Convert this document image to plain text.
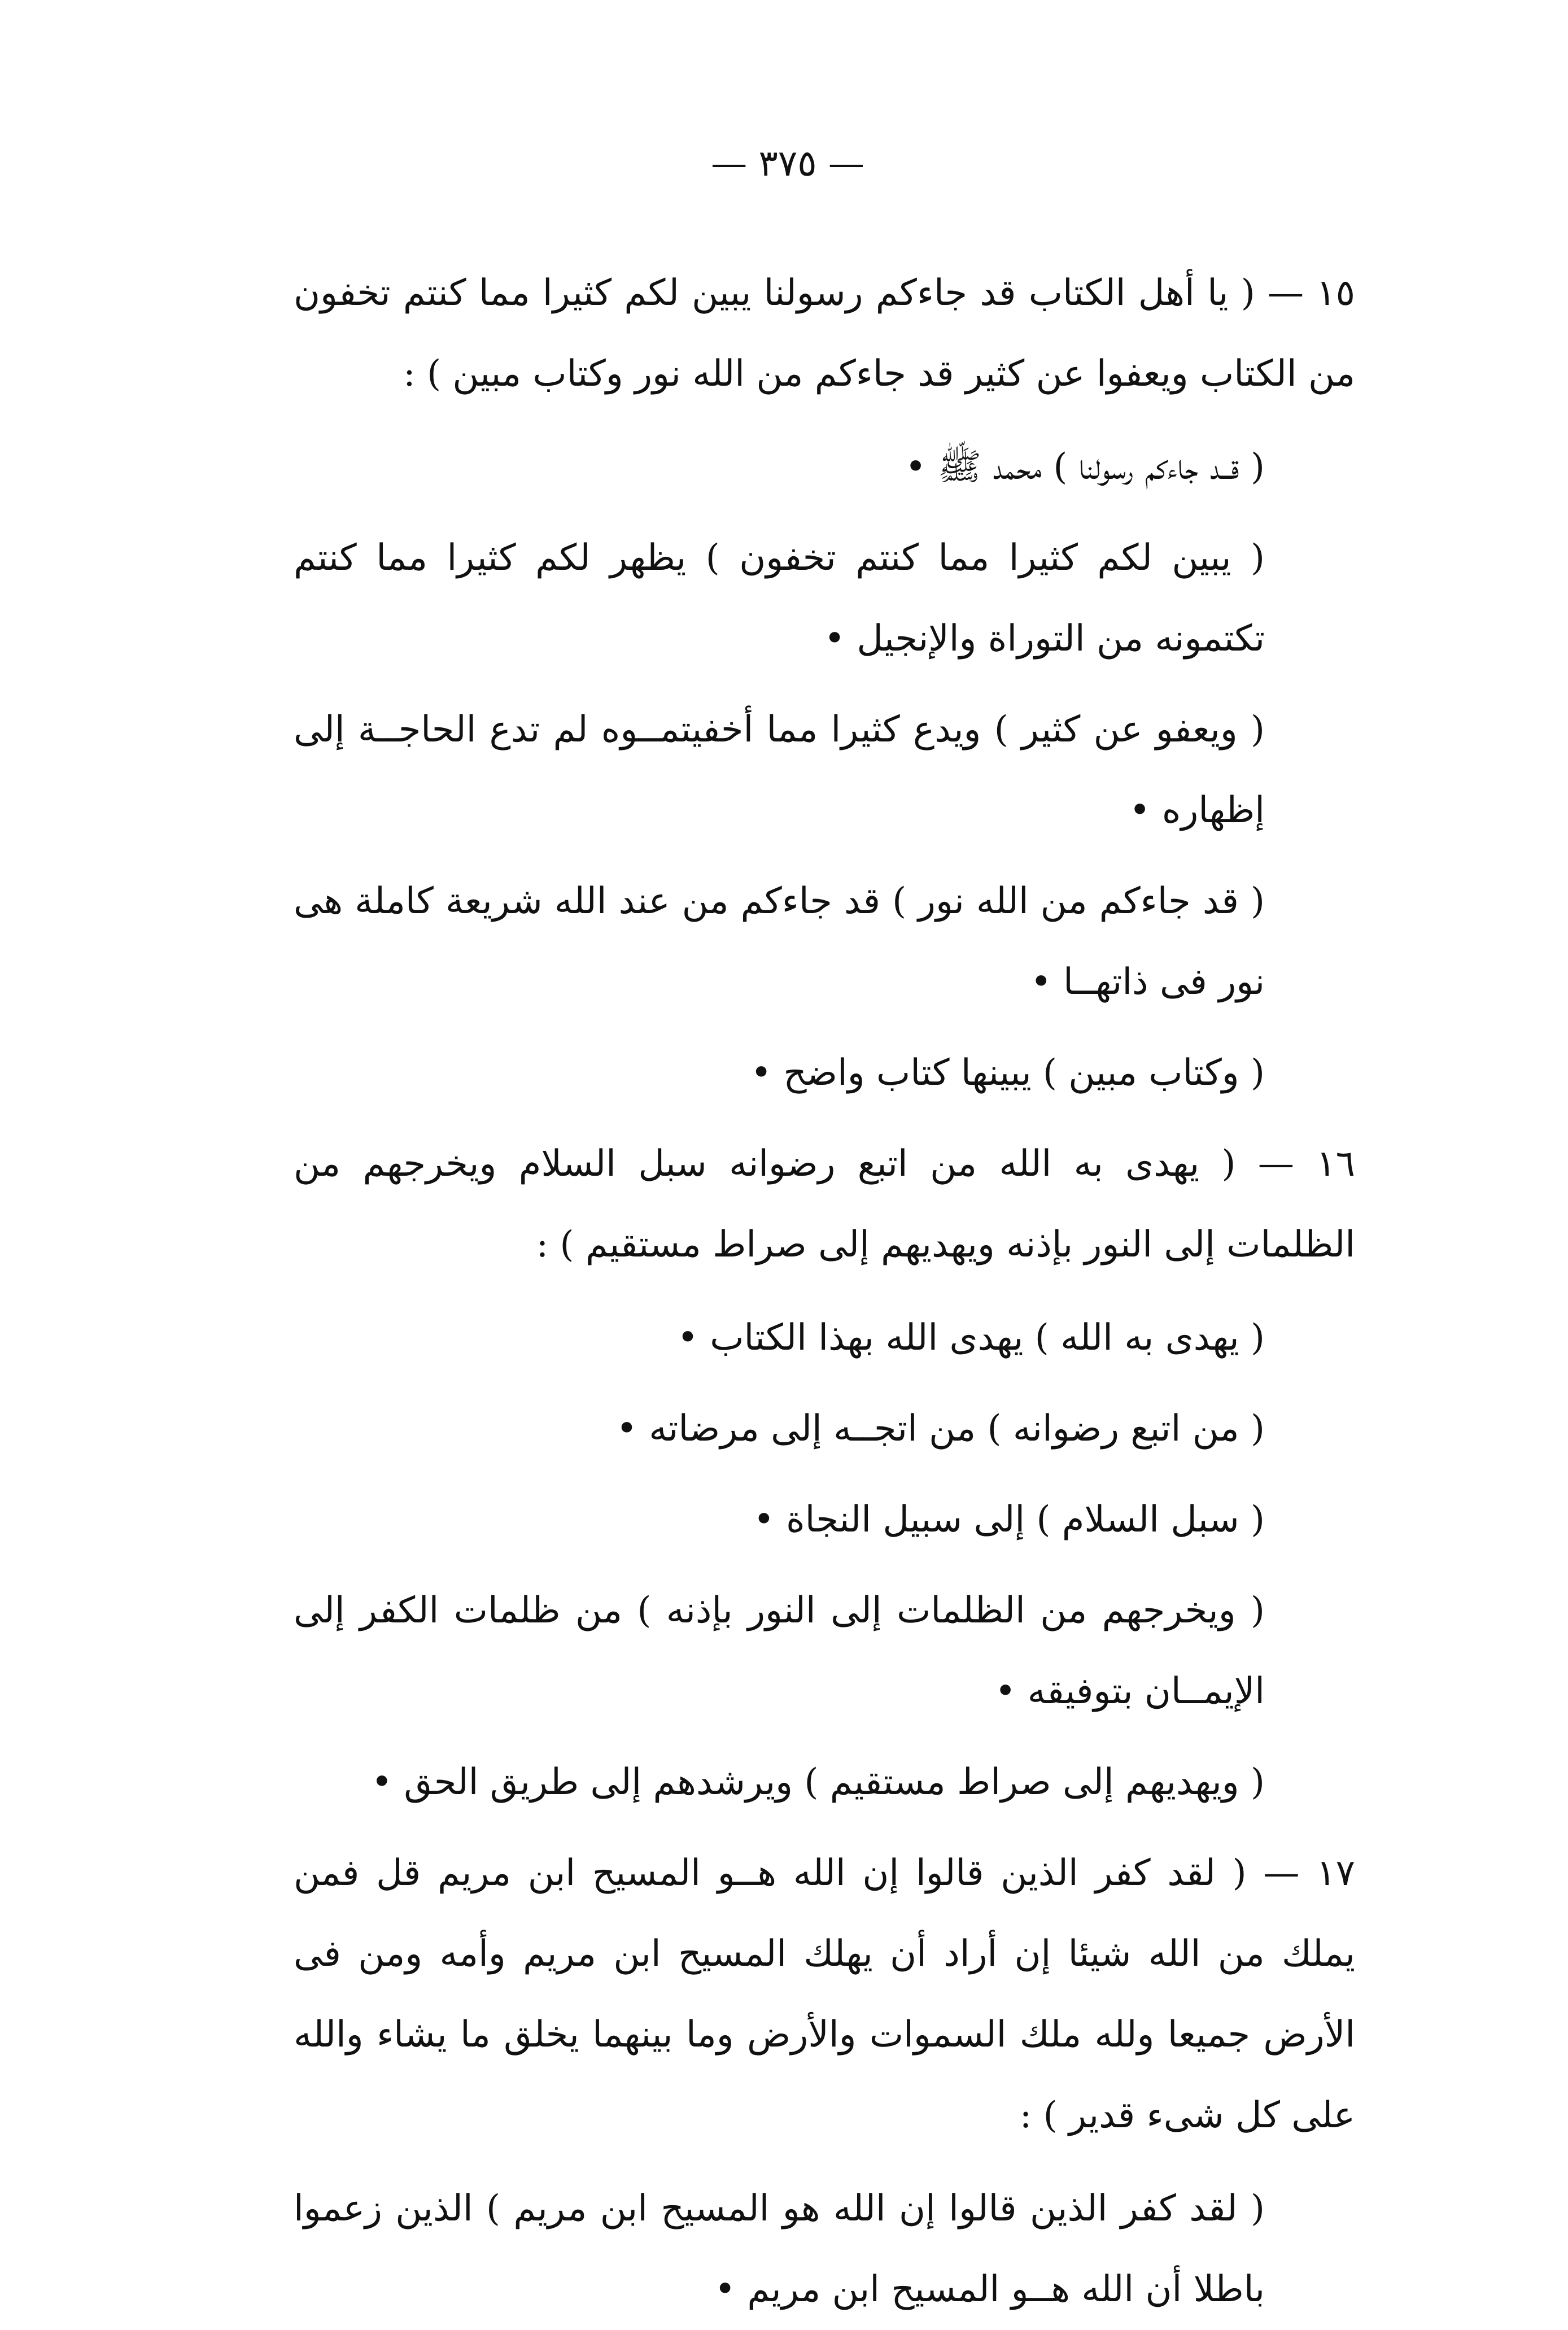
— ٣٧٥ —

١٥ — ( يا أهل الكتاب قد جاءكم رسولنا يبين لكم كثيرا مما كنتم تخفون من الكتاب ويعفوا عن كثير قد جاءكم من الله نور وكتاب مبين ) :

( قــد جاءكم رسولنا ) محمد ﷺ •

( يبين لكم كثيرا مما كنتم تخفون ) يظهر لكم كثيرا مما كنتم تكتمونه من التوراة والإنجيل •

( ويعفو عن كثير ) ويدع كثيرا مما أخفيتمــوه لم تدع الحاجــة إلى إظهاره •

( قد جاءكم من الله نور ) قد جاءكم من عند الله شريعة كاملة هى نور فى ذاتهــا •

( وكتاب مبين ) يبينها كتاب واضح •

١٦ — ( يهدى به الله من اتبع رضوانه سبل السلام ويخرجهم من الظلمات إلى النور بإذنه ويهديهم إلى صراط مستقيم ) :

( يهدى به الله ) يهدى الله بهذا الكتاب •

( من اتبع رضوانه ) من اتجــه إلى مرضاته •

( سبل السلام ) إلى سبيل النجاة •

( ويخرجهم من الظلمات إلى النور بإذنه ) من ظلمات الكفر إلى الإيمــان بتوفيقه •

( ويهديهم إلى صراط مستقيم ) ويرشدهم إلى طريق الحق •

١٧ — ( لقد كفر الذين قالوا إن الله هــو المسيح ابن مريم قل فمن يملك من الله شيئا إن أراد أن يهلك المسيح ابن مريم وأمه ومن فى الأرض جميعا ولله ملك السموات والأرض وما بينهما يخلق ما يشاء والله على كل شىء قدير ) :

( لقد كفر الذين قالوا إن الله هو المسيح ابن مريم ) الذين زعموا باطلا أن الله هــو المسيح ابن مريم •
